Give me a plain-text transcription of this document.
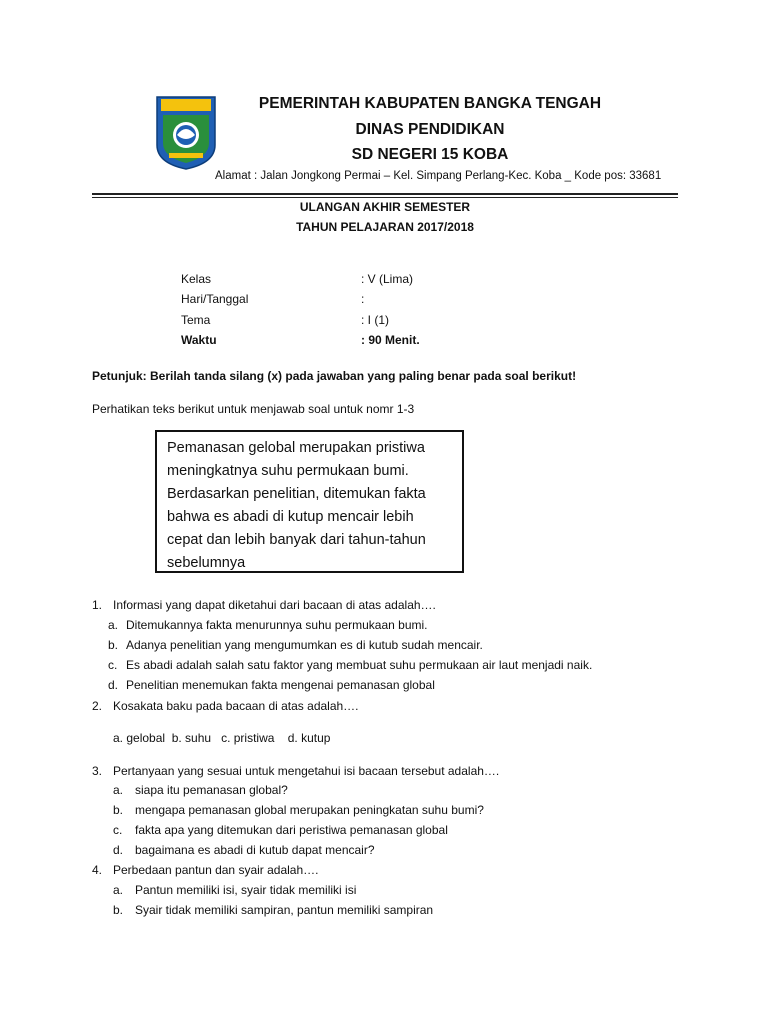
PEMERINTAH KABUPATEN BANGKA TENGAH
DINAS PENDIDIKAN
SD NEGERI 15 KOBA
Alamat : Jalan Jongkong Permai – Kel. Simpang Perlang-Kec. Koba _ Kode pos: 33681
ULANGAN AKHIR SEMESTER
TAHUN PELAJARAN 2017/2018
Kelas	: V (Lima)
Hari/Tanggal	:
Tema	: I (1)
Waktu	: 90 Menit.
Petunjuk: Berilah tanda silang (x) pada jawaban yang paling benar pada soal berikut!
Perhatikan teks berikut untuk menjawab soal untuk nomr 1-3
Pemanasan gelobal merupakan pristiwa
meningkatnya suhu permukaan bumi.
Berdasarkan penelitian, ditemukan fakta
bahwa es abadi di kutup mencair lebih
cepat dan lebih banyak dari tahun-tahun
sebelumnya
1. Informasi yang dapat diketahui dari bacaan di atas adalah….
a. Ditemukannya fakta menurunnya suhu permukaan bumi.
b. Adanya penelitian yang mengumumkan es di kutub sudah mencair.
c. Es abadi adalah salah satu faktor yang membuat suhu permukaan air laut menjadi naik.
d. Penelitian menemukan fakta mengenai pemanasan global
2. Kosakata baku pada bacaan di atas adalah….
a. gelobal  b. suhu   c. pristiwa    d. kutup
3. Pertanyaan yang sesuai untuk mengetahui isi bacaan tersebut adalah….
a. siapa itu pemanasan global?
b. mengapa pemanasan global merupakan peningkatan suhu bumi?
c. fakta apa yang ditemukan dari peristiwa pemanasan global
d. bagaimana es abadi di kutub dapat mencair?
4. Perbedaan pantun dan syair adalah….
a. Pantun memiliki isi, syair tidak memiliki isi
b. Syair tidak memiliki sampiran, pantun memiliki sampiran
